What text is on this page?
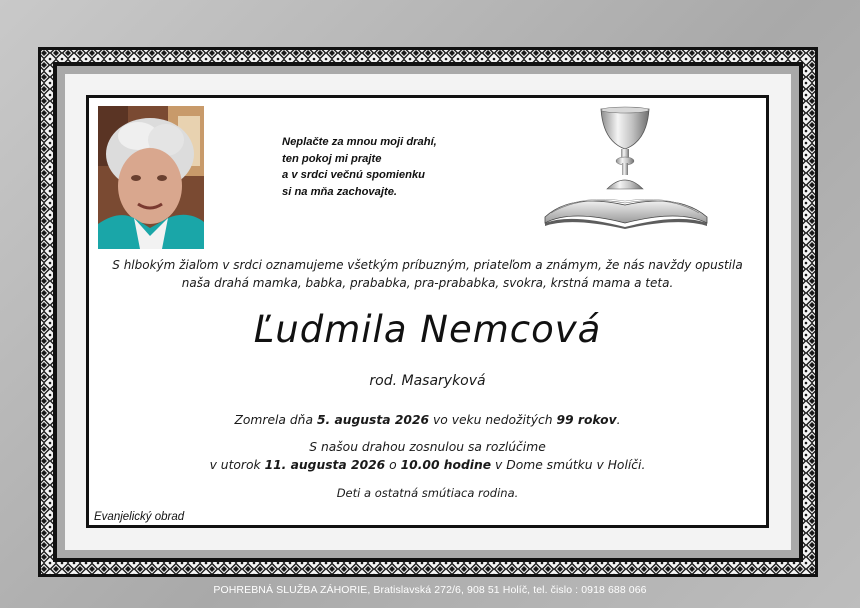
Neplačte za mnou moji drahí,
ten pokoj mi prajte
a v srdci večnú spomienku
si na mňa zachovajte.
S hlbokým žiaľom v srdci oznamujeme všetkým príbuzným, priateľom a známym, že nás navždy opustila
naša drahá mamka, babka, prababka, pra-prababka, svokra, krstná mama a teta.
Ľudmila Nemcová
rod. Masaryková
Zomrela dňa 5. augusta 2026 vo veku nedožitých 99 rokov.
S našou drahou zosnulou sa rozlúčime
v utorok 11. augusta 2026 o 10.00 hodine v Dome smútku v Holíči.
Deti a ostatná smútiaca rodina.
Evanjelický obrad
POHREBNÁ SLUŽBA ZÁHORIE, Bratislavská 272/6, 908 51 Holíč, tel. čislo : 0918 688 066
